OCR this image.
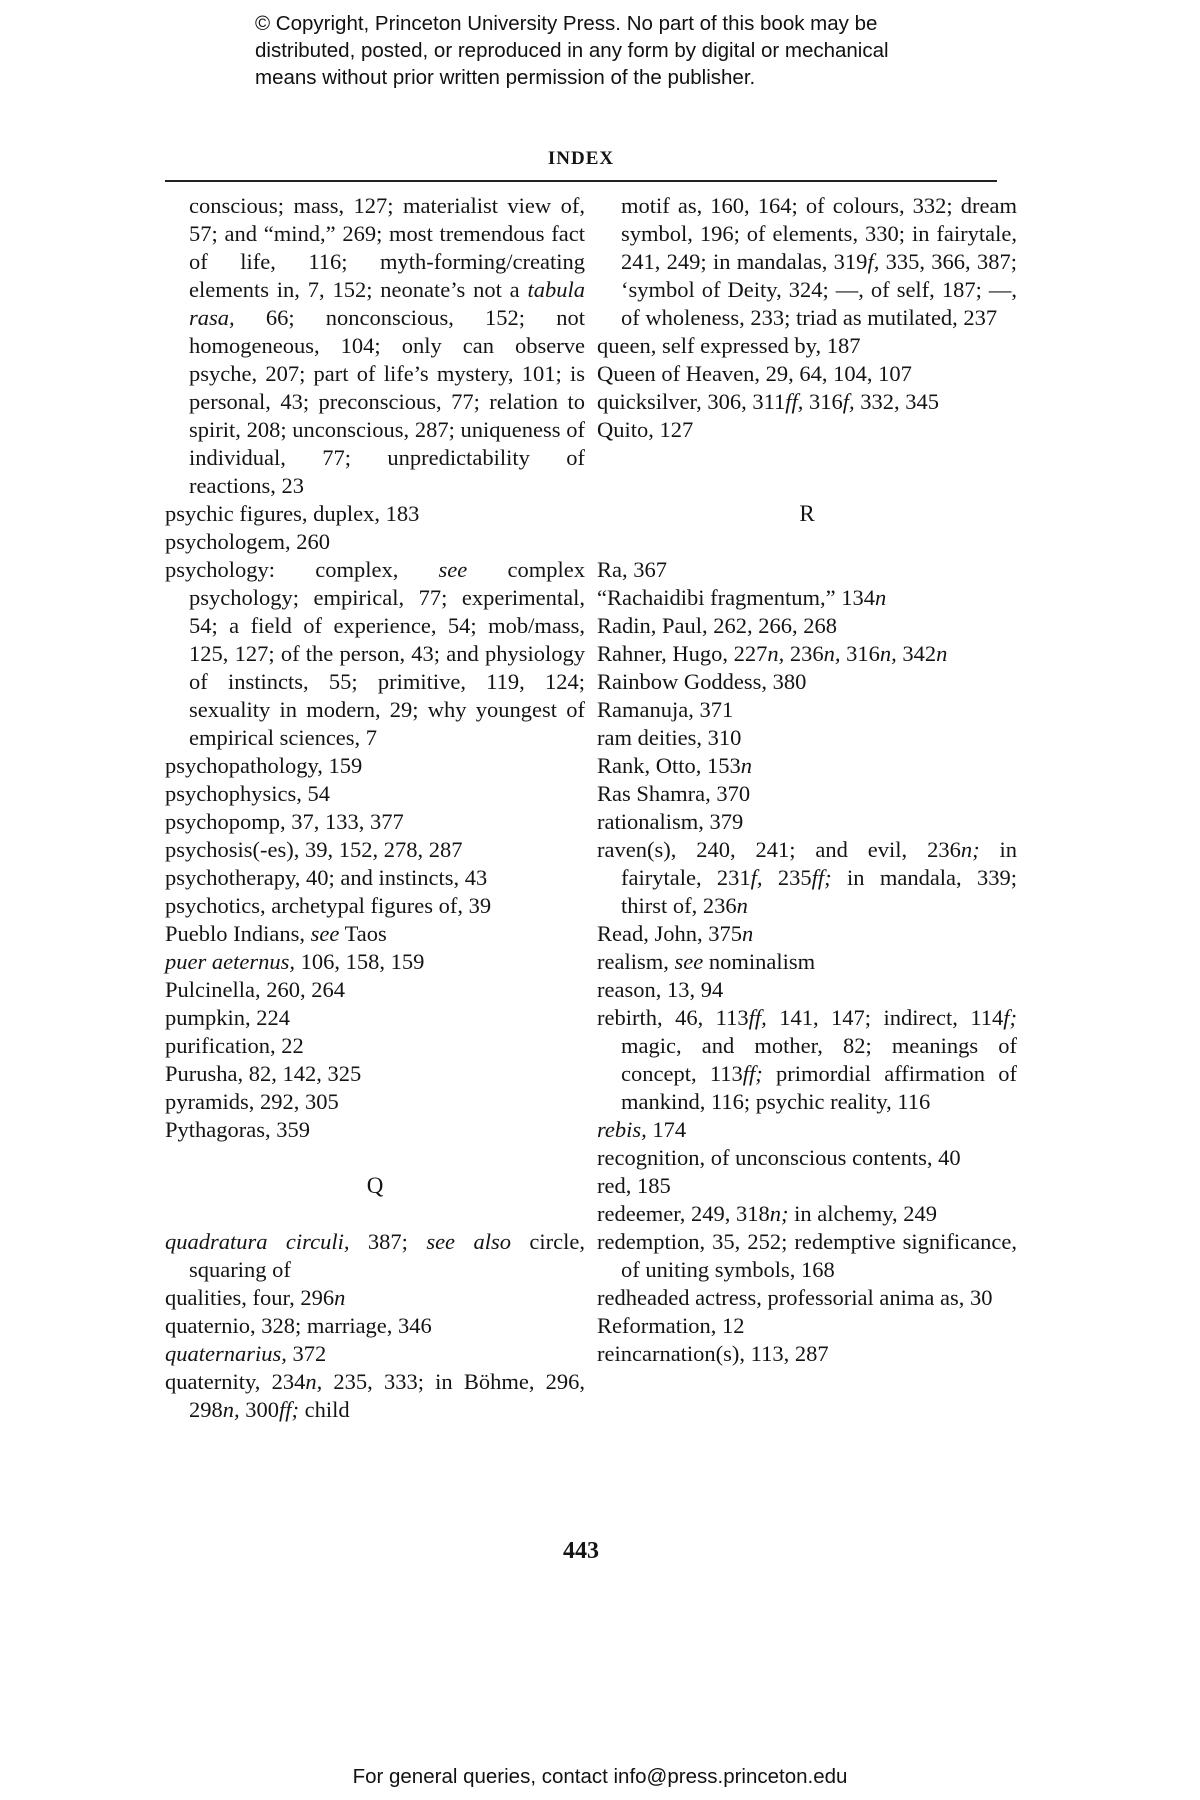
© Copyright, Princeton University Press. No part of this book may be
distributed, posted, or reproduced in any form by digital or mechanical
means without prior written permission of the publisher.
INDEX

conscious; mass, 127; materialist view of, 57; and “mind,” 269; most tremendous fact of life, 116; myth-forming/creating elements in, 7, 152; neonate’s not a tabula rasa, 66; nonconscious, 152; not homogeneous, 104; only can observe psyche, 207; part of life’s mystery, 101; is personal, 43; preconscious, 77; relation to spirit, 208; unconscious, 287; uniqueness of individual, 77; unpredictability of reactions, 23

psychic figures, duplex, 183

psychologem, 260

psychology: complex, see complex psychology; empirical, 77; experimental, 54; a field of experience, 54; mob/mass, 125, 127; of the person, 43; and physiology of instincts, 55; primitive, 119, 124; sexuality in modern, 29; why youngest of empirical sciences, 7

psychopathology, 159

psychophysics, 54

psychopomp, 37, 133, 377

psychosis(-es), 39, 152, 278, 287

psychotherapy, 40; and instincts, 43

psychotics, archetypal figures of, 39

Pueblo Indians, see Taos

puer aeternus, 106, 158, 159

Pulcinella, 260, 264

pumpkin, 224

purification, 22

Purusha, 82, 142, 325

pyramids, 292, 305

Pythagoras, 359

Q

quadratura circuli, 387; see also circle, squaring of

qualities, four, 296n

quaternio, 328; marriage, 346

quaternarius, 372

quaternity, 234n, 235, 333; in Böhme, 296, 298n, 300ff; child

motif as, 160, 164; of colours, 332; dream symbol, 196; of elements, 330; in fairytale, 241, 249; in mandalas, 319f, 335, 366, 387; ‘symbol of Deity, 324; —, of self, 187; —, of wholeness, 233; triad as mutilated, 237

queen, self expressed by, 187

Queen of Heaven, 29, 64, 104, 107

quicksilver, 306, 311ff, 316f, 332, 345

Quito, 127

R

Ra, 367

“Rachaidibi fragmentum,” 134n

Radin, Paul, 262, 266, 268

Rahner, Hugo, 227n, 236n, 316n, 342n

Rainbow Goddess, 380

Ramanuja, 371

ram deities, 310

Rank, Otto, 153n

Ras Shamra, 370

rationalism, 379

raven(s), 240, 241; and evil, 236n; in fairytale, 231f, 235ff; in mandala, 339; thirst of, 236n

Read, John, 375n

realism, see nominalism

reason, 13, 94

rebirth, 46, 113ff, 141, 147; indirect, 114f; magic, and mother, 82; meanings of concept, 113ff; primordial affirmation of mankind, 116; psychic reality, 116

rebis, 174

recognition, of unconscious contents, 40

red, 185

redeemer, 249, 318n; in alchemy, 249

redemption, 35, 252; redemptive significance, of uniting symbols, 168

redheaded actress, professorial anima as, 30

Reformation, 12

reincarnation(s), 113, 287

443
For general queries, contact info@press.princeton.edu
